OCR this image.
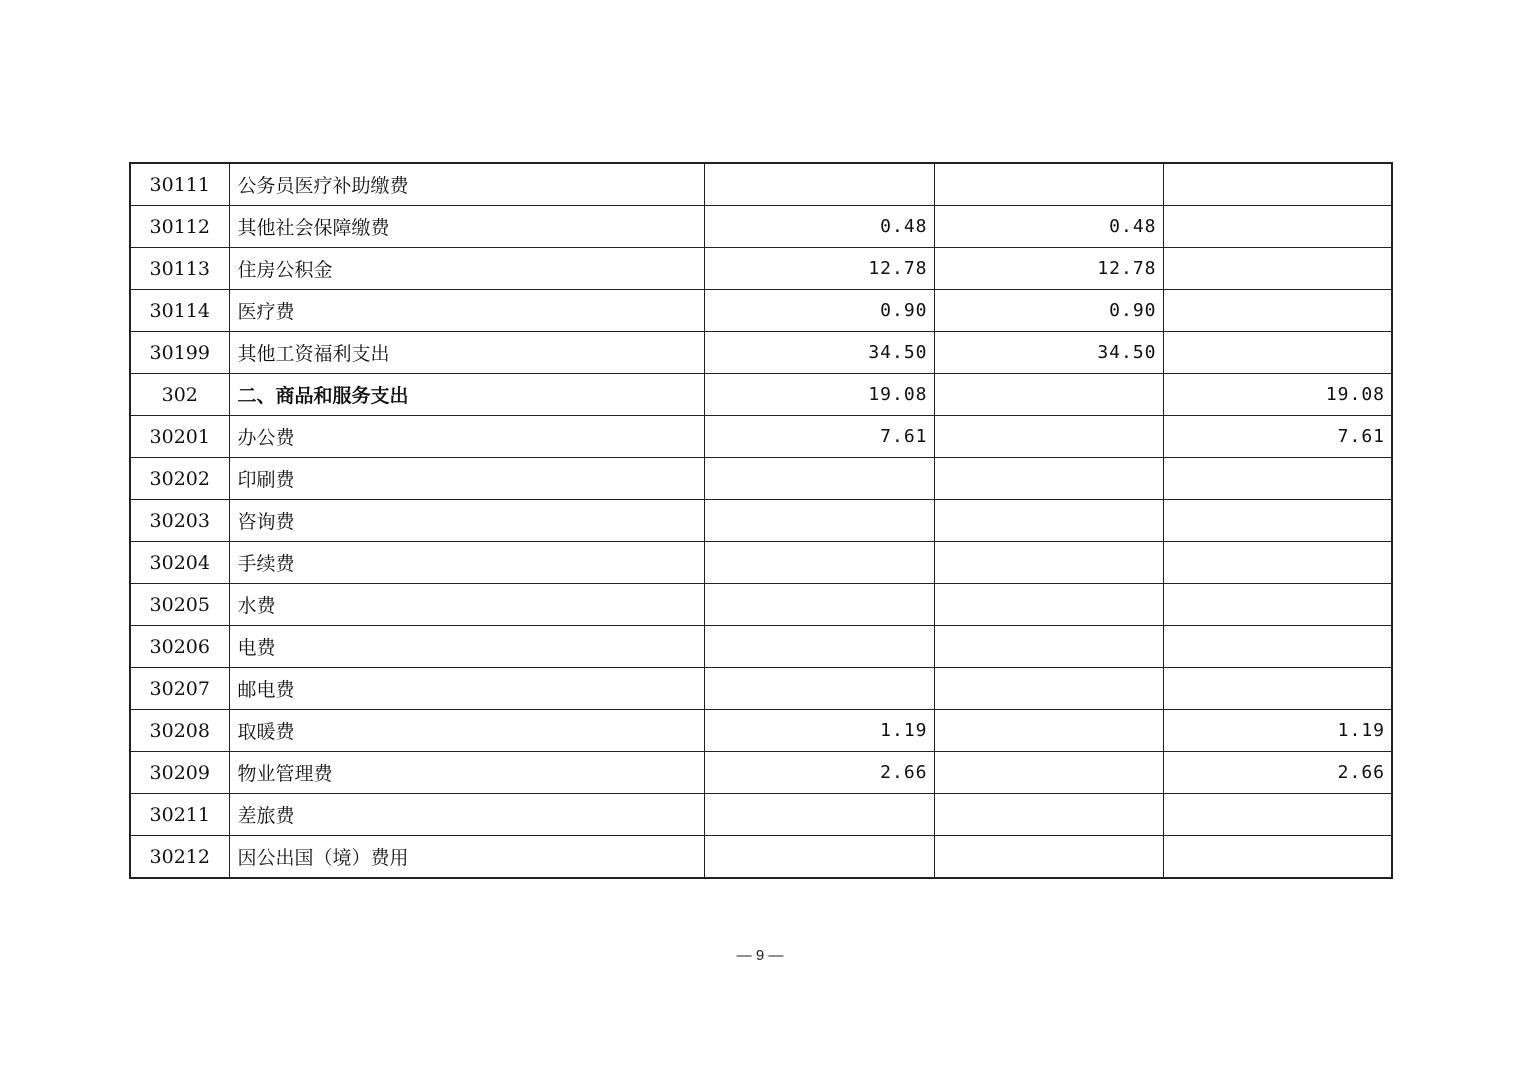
30111	公务员医疗补助缴费			
30112	其他社会保障缴费	0.48	0.48	
30113	住房公积金	12.78	12.78	
30114	医疗费	0.90	0.90	
30199	其他工资福利支出	34.50	34.50	
302	二、商品和服务支出	19.08		19.08
30201	办公费	7.61		7.61
30202	印刷费			
30203	咨询费			
30204	手续费			
30205	水费			
30206	电费			
30207	邮电费			
30208	取暖费	1.19		1.19
30209	物业管理费	2.66		2.66
30211	差旅费			
30212	因公出国（境）费用			
— 9 —
